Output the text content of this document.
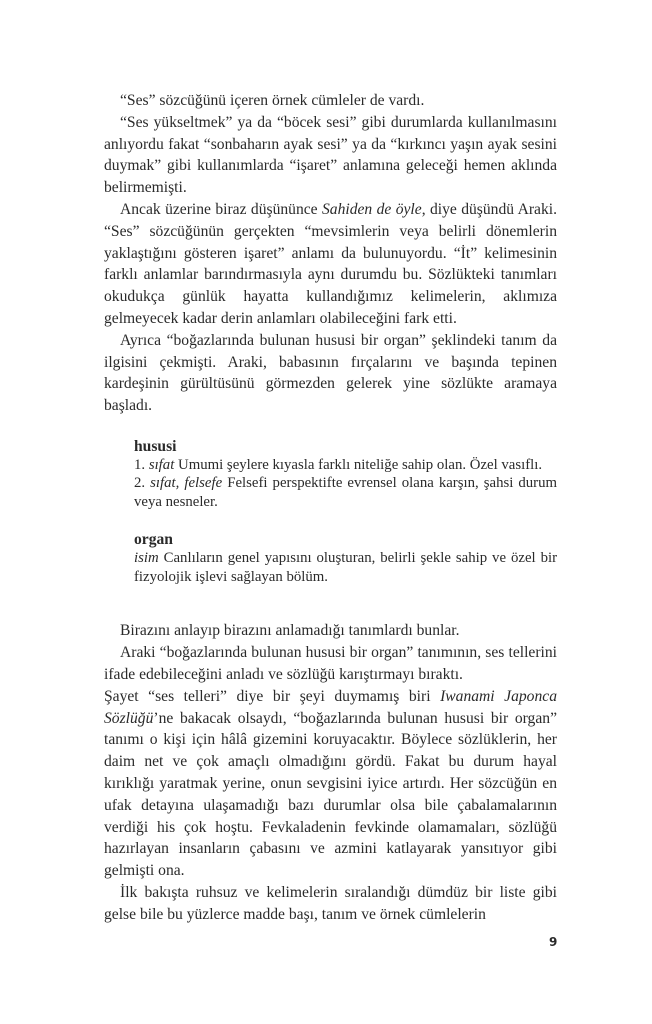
“Ses” sözcüğünü içeren örnek cümleler de vardı.

“Ses yükseltmek” ya da “böcek sesi” gibi durumlarda kullanılmasını anlıyordu fakat “sonbaharın ayak sesi” ya da “kırkıncı yaşın ayak sesini duymak” gibi kullanımlarda “işaret” anlamına geleceği hemen aklında belirmemişti.

Ancak üzerine biraz düşününce Sahiden de öyle, diye düşündü Araki. “Ses” sözcüğünün gerçekten “mevsimlerin veya belirli dönemlerin yaklaştığını gösteren işaret” anlamı da bulunuyordu. “İt” kelimesinin farklı anlamlar barındırmasıyla aynı durumdu bu. Sözlükteki tanımları okudukça günlük hayatta kullandığımız kelimelerin, aklımıza gelmeyecek kadar derin anlamları olabileceğini fark etti.

Ayrıca “boğazlarında bulunan hususi bir organ” şeklindeki tanım da ilgisini çekmişti. Araki, babasının fırçalarını ve başında tepinen kardeşinin gürültüsünü görmezden gelerek yine sözlükte aramaya başladı.

hususi

1. sıfat Umumi şeylere kıyasla farklı niteliğe sahip olan. Özel vasıflı.

2. sıfat, felsefe Felsefi perspektifte evrensel olana karşın, şahsi durum veya nesneler.

organ

isim Canlıların genel yapısını oluşturan, belirli şekle sahip ve özel bir fizyolojik işlevi sağlayan bölüm.

Birazını anlayıp birazını anlamadığı tanımlardı bunlar.

Araki “boğazlarında bulunan hususi bir organ” tanımının, ses tellerini ifade edebileceğini anladı ve sözlüğü karıştırmayı bıraktı.

Şayet “ses telleri” diye bir şeyi duymamış biri Iwanami Japonca Sözlüğü’ne bakacak olsaydı, “boğazlarında bulunan hususi bir organ” tanımı o kişi için hâlâ gizemini koruyacaktır. Böylece sözlüklerin, her daim net ve çok amaçlı olmadığını gördü. Fakat bu durum hayal kırıklığı yaratmak yerine, onun sevgisini iyice artırdı. Her sözcüğün en ufak detayına ulaşamadığı bazı durumlar olsa bile çabalamalarının verdiği his çok hoştu. Fevkaladenin fevkinde olamamaları, sözlüğü hazırlayan insanların çabasını ve azmini katlayarak yansıtıyor gibi gelmişti ona.

İlk bakışta ruhsuz ve kelimelerin sıralandığı dümdüz bir liste gibi gelse bile bu yüzlerce madde başı, tanım ve örnek cümlelerin

9
